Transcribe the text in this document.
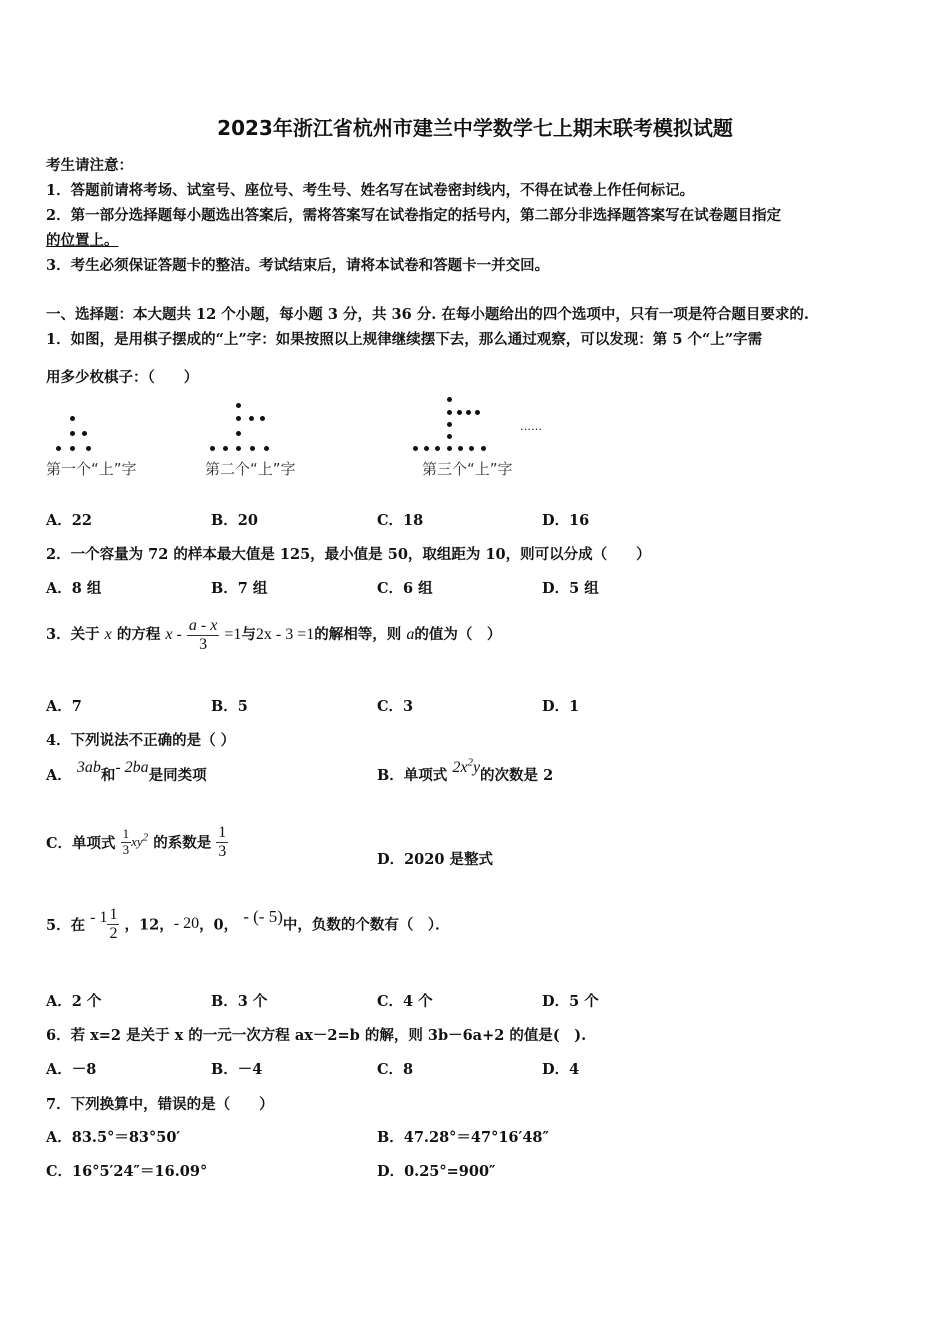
2023年浙江省杭州市建兰中学数学七上期末联考模拟试题
考生请注意：
1．答题前请将考场、试室号、座位号、考生号、姓名写在试卷密封线内，不得在试卷上作任何标记。
2．第一部分选择题每小题选出答案后，需将答案写在试卷指定的括号内，第二部分非选择题答案写在试卷题目指定
的位置上。
3．考生必须保证答题卡的整洁。考试结束后，请将本试卷和答题卡一并交回。
一、选择题：本大题共 12 个小题，每小题 3 分，共 36 分. 在每小题给出的四个选项中，只有一项是符合题目要求的.
1．如图，是用棋子摆成的“上”字：如果按照以上规律继续摆下去，那么通过观察，可以发现：第 5 个“上”字需
用多少枚棋子：（　　）
……
第一个“上”字	第二个“上”字	第三个“上”字
A．22	B．20	C．18	D．16
2．一个容量为 72 的样本最大值是 125，最小值是 50，取组距为 10，则可以分成（　　）
A．8 组	B．7 组	C．6 组	D．5 组
3．关于 x 的方程 $x - \frac{a - x}{3} =1$与2x - 3 =1的解相等，则 a的值为（　）
A．7	B．5	C．3	D．1
4．下列说法不正确的是（ ）
A． 3ab和- 2ba是同类项	B．单项式 $2x^2y$的次数是 2
C．单项式 $\frac{1}{3} xy^2$ 的系数是 $\frac{1}{3}$	D．2020 是整式
5．在 - $1 \frac{1}{2}$ ，12，- 20，0， - (- 5)中，负数的个数有（　）．
A．2 个	B．3 个	C．4 个	D．5 个
6．若 x=2 是关于 x 的一元一次方程 ax－2=b 的解，则 3b－6a+2 的值是(　).
A．－8	B．－4	C．8	D．4
7．下列换算中，错误的是（　　）
A．83.5°＝83°50′	B．47.28°＝47°16′48″
C．16°5′24″＝16.09°	D．0.25°=900″
